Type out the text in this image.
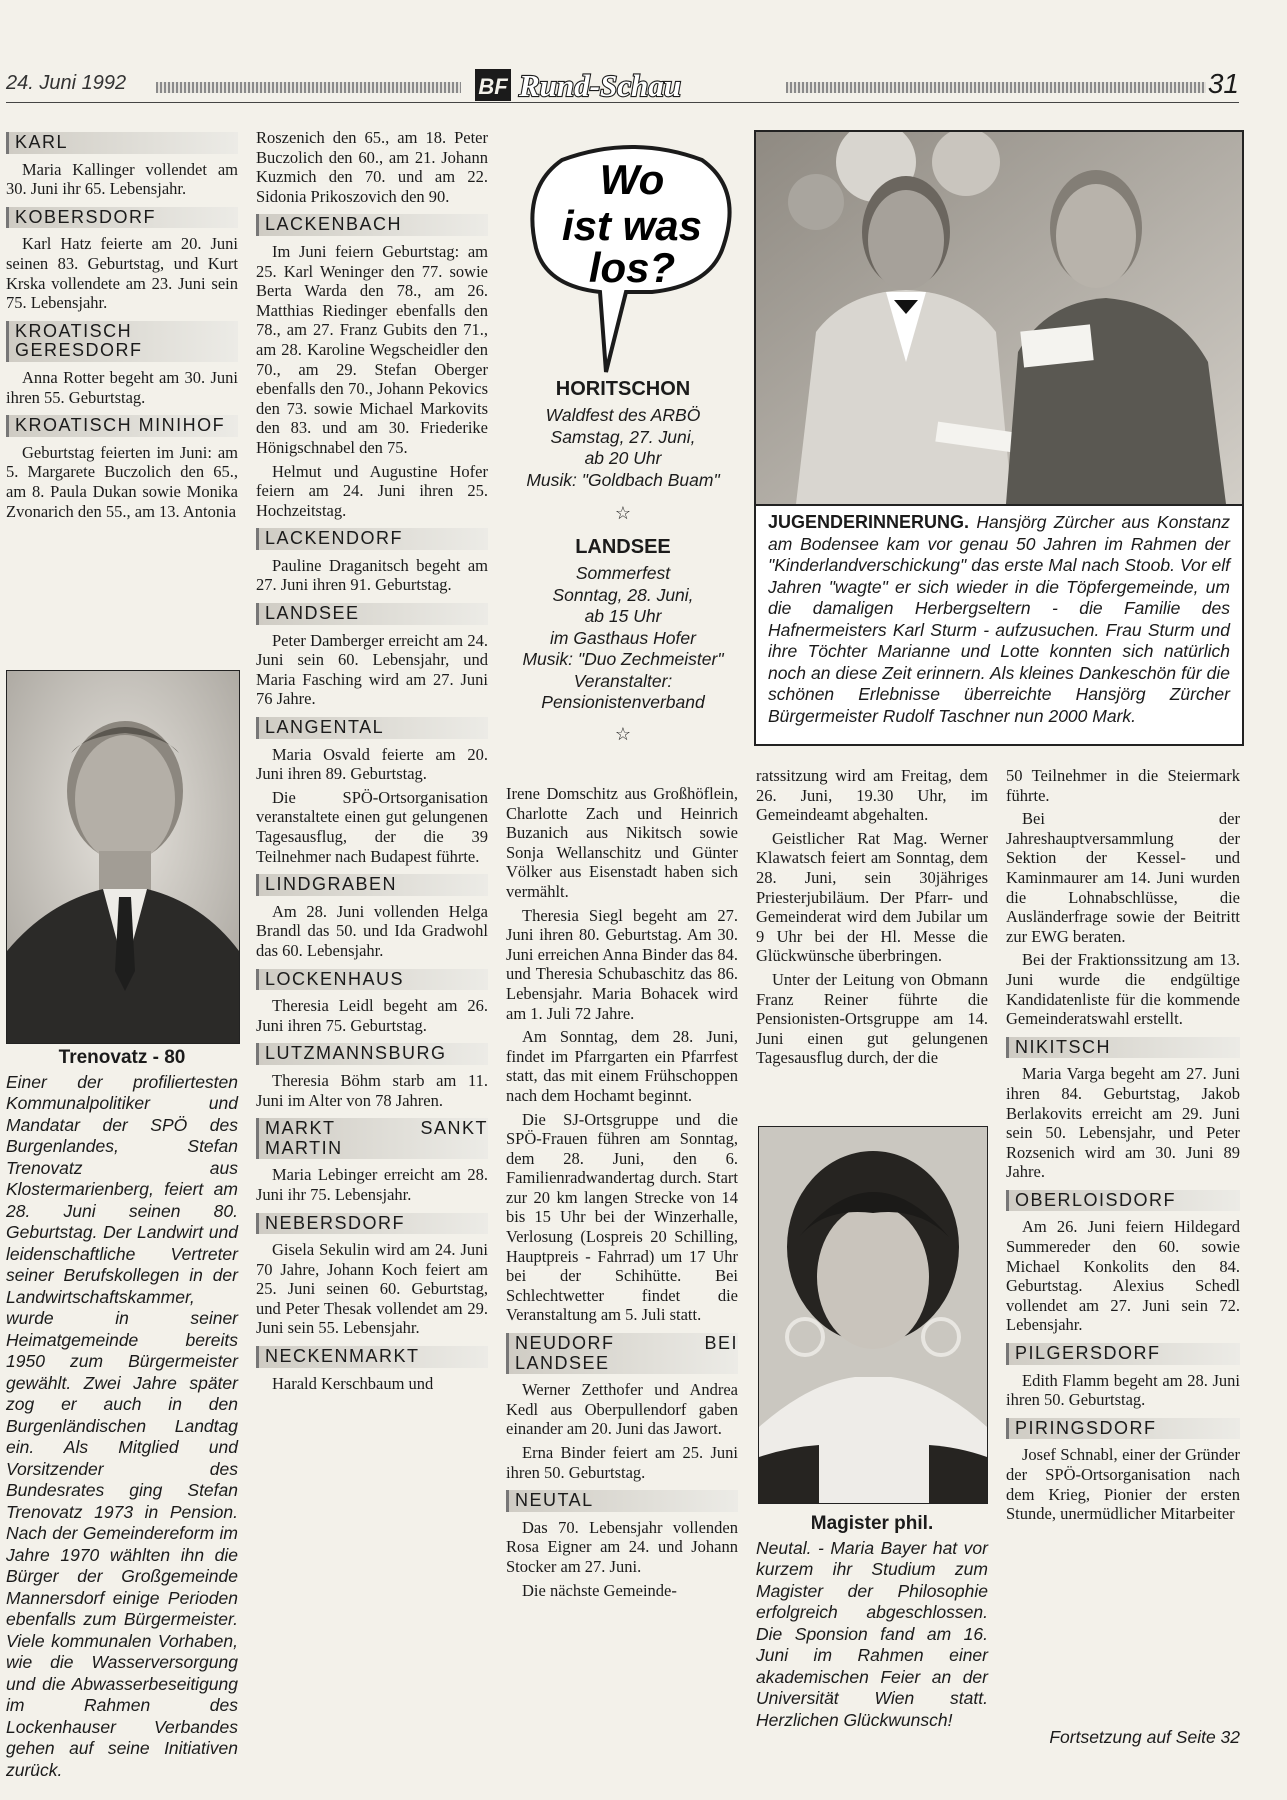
24. Juni 1992	BF Rund-Schau	31
KARL

Maria Kallinger vollendet am 30. Juni ihr 65. Lebensjahr.

KOBERSDORF

Karl Hatz feierte am 20. Juni seinen 83. Geburtstag, und Kurt Krska vollendete am 23. Juni sein 75. Lebensjahr.

KROATISCH GERESDORF

Anna Rotter begeht am 30. Juni ihren 55. Geburtstag.

KROATISCH MINIHOF

Geburtstag feierten im Juni: am 5. Margarete Buczolich den 65., am 8. Paula Dukan sowie Monika Zvonarich den 55., am 13. Antonia

Trenovatz - 80
Einer der profiliertesten Kommunalpolitiker und Mandatar der SPÖ des Burgenlandes, Stefan Trenovatz aus Klostermarienberg, feiert am 28. Juni seinen 80. Geburtstag. Der Landwirt und leidenschaftliche Vertreter seiner Berufskollegen in der Landwirtschaftskammer, wurde in seiner Heimatgemeinde bereits 1950 zum Bürgermeister gewählt. Zwei Jahre später zog er auch in den Burgenländischen Landtag ein. Als Mitglied und Vorsitzender des Bundesrates ging Stefan Trenovatz 1973 in Pension. Nach der Gemeindereform im Jahre 1970 wählten ihn die Bürger der Großgemeinde Mannersdorf einige Perioden ebenfalls zum Bürgermeister. Viele kommunalen Vorhaben, wie die Wasserversorgung und die Abwasserbeseitigung im Rahmen des Lockenhauser Verbandes gehen auf seine Initiativen zurück.

Roszenich den 65., am 18. Peter Buczolich den 60., am 21. Johann Kuzmich den 70. und am 22. Sidonia Prikoszovich den 90.

LACKENBACH

Im Juni feiern Geburtstag: am 25. Karl Weninger den 77. sowie Berta Warda den 78., am 26. Matthias Riedinger ebenfalls den 78., am 27. Franz Gubits den 71., am 28. Karoline Wegscheidler den 70., am 29. Stefan Oberger ebenfalls den 70., Johann Pekovics den 73. sowie Michael Markovits den 83. und am 30. Friederike Hönigschnabel den 75.

Helmut und Augustine Hofer feiern am 24. Juni ihren 25. Hochzeitstag.

LACKENDORF

Pauline Draganitsch begeht am 27. Juni ihren 91. Geburtstag.

LANDSEE

Peter Damberger erreicht am 24. Juni sein 60. Lebensjahr, und Maria Fasching wird am 27. Juni 76 Jahre.

LANGENTAL

Maria Osvald feierte am 20. Juni ihren 89. Geburtstag.

Die SPÖ-Ortsorganisation veranstaltete einen gut gelungenen Tagesausflug, der die 39 Teilnehmer nach Budapest führte.

LINDGRABEN

Am 28. Juni vollenden Helga Brandl das 50. und Ida Gradwohl das 60. Lebensjahr.

LOCKENHAUS

Theresia Leidl begeht am 26. Juni ihren 75. Geburtstag.

LUTZMANNSBURG

Theresia Böhm starb am 11. Juni im Alter von 78 Jahren.

MARKT SANKT MARTIN

Maria Lebinger erreicht am 28. Juni ihr 75. Lebensjahr.

NEBERSDORF

Gisela Sekulin wird am 24. Juni 70 Jahre, Johann Koch feiert am 25. Juni seinen 60. Geburtstag, und Peter Thesak vollendet am 29. Juni sein 55. Lebensjahr.

NECKENMARKT

Harald Kerschbaum und

Wo
ist was
los?
HORITSCHON
Waldfest des ARBÖ
Samstag, 27. Juni,
ab 20 Uhr
Musik: "Goldbach Buam"
☆
LANDSEE
Sommerfest
Sonntag, 28. Juni,
ab 15 Uhr
im Gasthaus Hofer
Musik: "Duo Zechmeister"
Veranstalter:
Pensionistenverband
☆

Irene Domschitz aus Großhöflein, Charlotte Zach und Heinrich Buzanich aus Nikitsch sowie Sonja Wellanschitz und Günter Völker aus Eisenstadt haben sich vermählt.

Theresia Siegl begeht am 27. Juni ihren 80. Geburtstag. Am 30. Juni erreichen Anna Binder das 84. und Theresia Schubaschitz das 86. Lebensjahr. Maria Bohacek wird am 1. Juli 72 Jahre.

Am Sonntag, dem 28. Juni, findet im Pfarrgarten ein Pfarrfest statt, das mit einem Frühschoppen nach dem Hochamt beginnt.

Die SJ-Ortsgruppe und die SPÖ-Frauen führen am Sonntag, dem 28. Juni, den 6. Familienradwandertag durch. Start zur 20 km langen Strecke von 14 bis 15 Uhr bei der Winzerhalle, Verlosung (Lospreis 20 Schilling, Hauptpreis - Fahrrad) um 17 Uhr bei der Schihütte. Bei Schlechtwetter findet die Veranstaltung am 5. Juli statt.

NEUDORF BEI LANDSEE

Werner Zetthofer und Andrea Kedl aus Oberpullendorf gaben einander am 20. Juni das Jawort.

Erna Binder feiert am 25. Juni ihren 50. Geburtstag.

NEUTAL

Das 70. Lebensjahr vollenden Rosa Eigner am 24. und Johann Stocker am 27. Juni.

Die nächste Gemeinde-

JUGENDERINNERUNG. Hansjörg Zürcher aus Konstanz am Bodensee kam vor genau 50 Jahren im Rahmen der "Kinderlandverschickung" das erste Mal nach Stoob. Vor elf Jahren "wagte" er sich wieder in die Töpfergemeinde, um die damaligen Herbergseltern - die Familie des Hafnermeisters Karl Sturm - aufzusuchen. Frau Sturm und ihre Töchter Marianne und Lotte konnten sich natürlich noch an diese Zeit erinnern. Als kleines Dankeschön für die schönen Erlebnisse überreichte Hansjörg Zürcher Bürgermeister Rudolf Taschner nun 2000 Mark.

ratssitzung wird am Freitag, dem 26. Juni, 19.30 Uhr, im Gemeindeamt abgehalten.

Geistlicher Rat Mag. Werner Klawatsch feiert am Sonntag, dem 28. Juni, sein 30jähriges Priesterjubiläum. Der Pfarr- und Gemeinderat wird dem Jubilar um 9 Uhr bei der Hl. Messe die Glückwünsche überbringen.

Unter der Leitung von Obmann Franz Reiner führte die Pensionisten-Ortsgruppe am 14. Juni einen gut gelungenen Tagesausflug durch, der die

Magister phil.
Neutal. - Maria Bayer hat vor kurzem ihr Studium zum Magister der Philosophie erfolgreich abgeschlossen. Die Sponsion fand am 16. Juni im Rahmen einer akademischen Feier an der Universität Wien statt. Herzlichen Glückwunsch!

50 Teilnehmer in die Steiermark führte.

Bei der Jahreshauptversammlung der Sektion der Kessel- und Kaminmaurer am 14. Juni wurden die Lohnabschlüsse, die Ausländerfrage sowie der Beitritt zur EWG beraten.

Bei der Fraktionssitzung am 13. Juni wurde die endgültige Kandidatenliste für die kommende Gemeinderatswahl erstellt.

NIKITSCH

Maria Varga begeht am 27. Juni ihren 84. Geburtstag, Jakob Berlakovits erreicht am 29. Juni sein 50. Lebensjahr, und Peter Rozsenich wird am 30. Juni 89 Jahre.

OBERLOISDORF

Am 26. Juni feiern Hildegard Summereder den 60. sowie Michael Konkolits den 84. Geburtstag. Alexius Schedl vollendet am 27. Juni sein 72. Lebensjahr.

PILGERSDORF

Edith Flamm begeht am 28. Juni ihren 50. Geburtstag.

PIRINGSDORF

Josef Schnabl, einer der Gründer der SPÖ-Ortsorganisation nach dem Krieg, Pionier der ersten Stunde, unermüdlicher Mitarbeiter

Fortsetzung auf Seite 32
